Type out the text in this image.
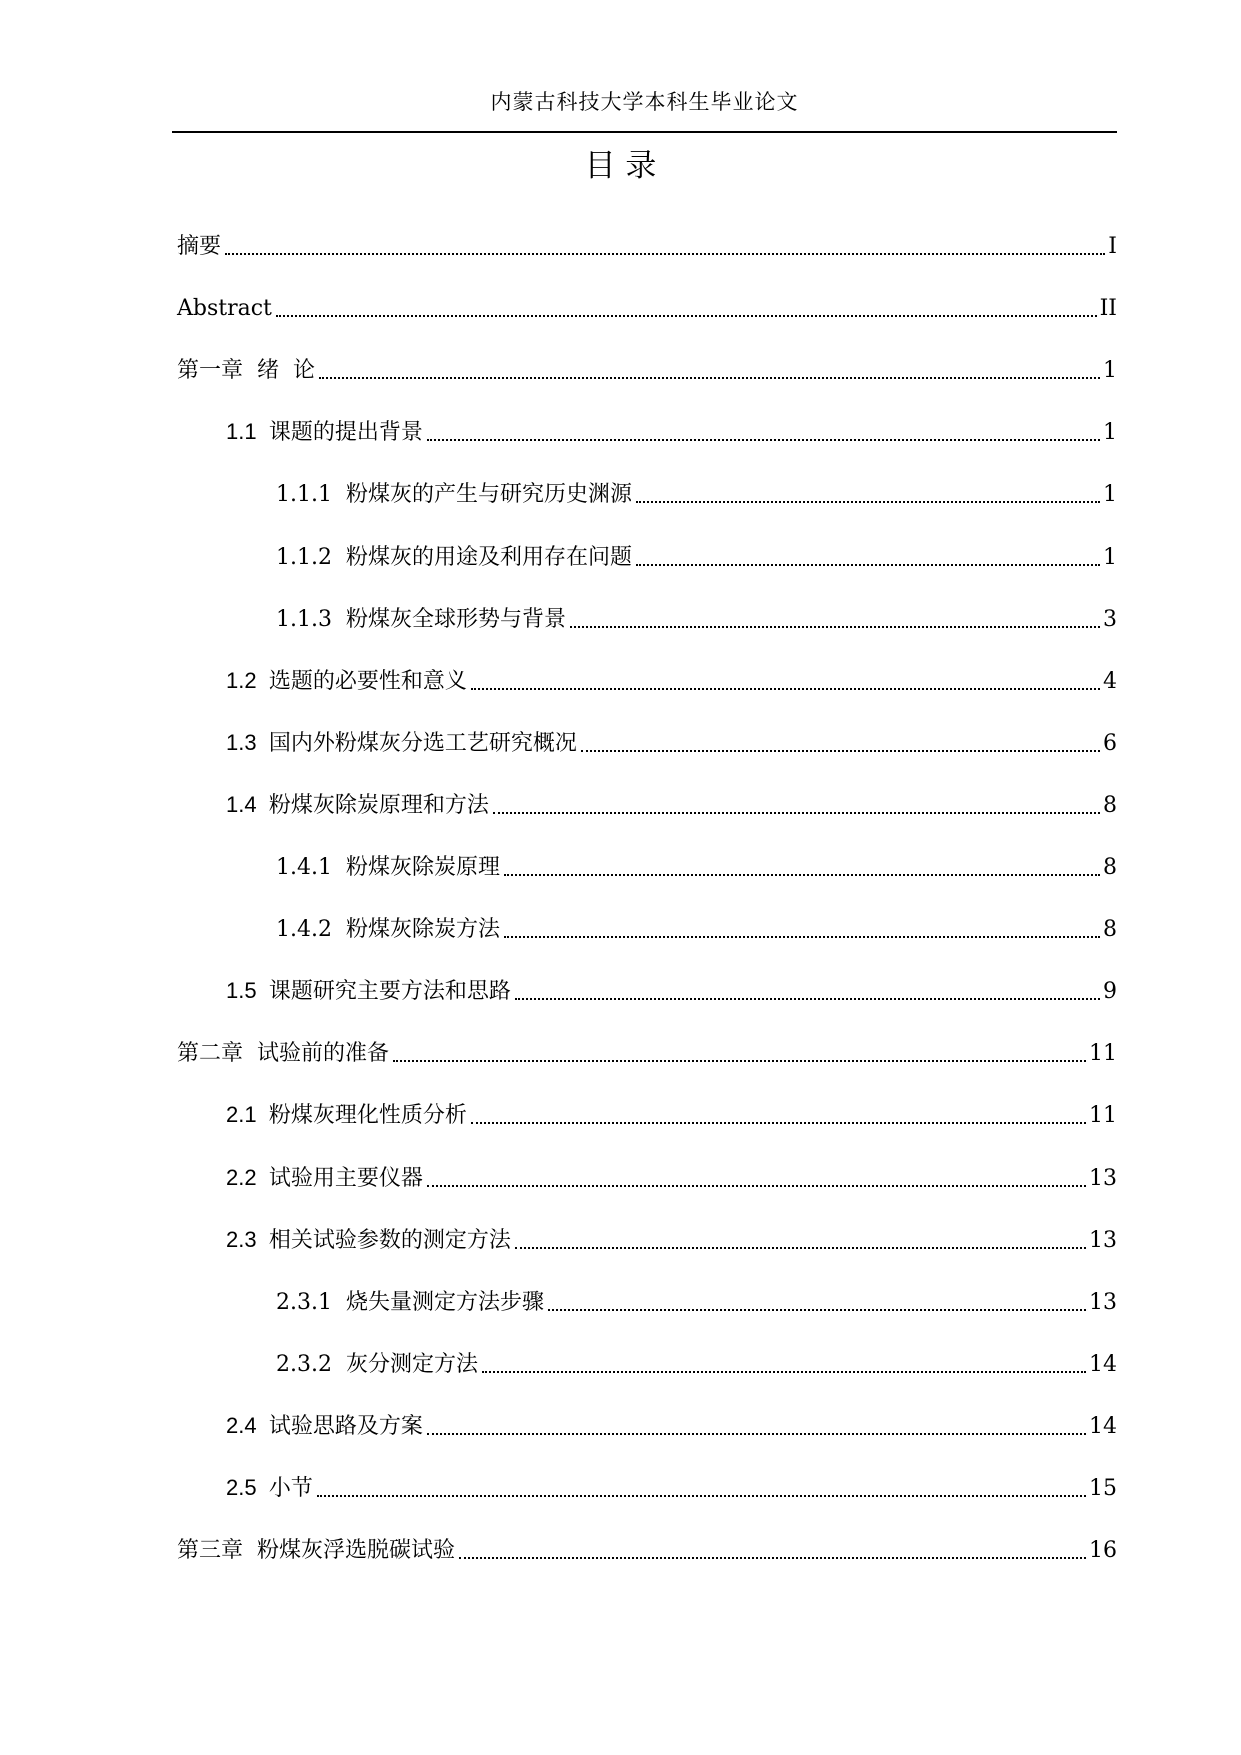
内蒙古科技大学本科生毕业论文
目 录
摘要	I
Abstract	II
第一章  绪  论	1
1.1 课题的提出背景	1
1.1.1 粉煤灰的产生与研究历史渊源	1
1.1.2 粉煤灰的用途及利用存在问题	1
1.1.3 粉煤灰全球形势与背景	3
1.2 选题的必要性和意义	4
1.3 国内外粉煤灰分选工艺研究概况	6
1.4 粉煤灰除炭原理和方法	8
1.4.1 粉煤灰除炭原理	8
1.4.2 粉煤灰除炭方法	8
1.5 课题研究主要方法和思路	9
第二章  试验前的准备	11
2.1 粉煤灰理化性质分析	11
2.2 试验用主要仪器	13
2.3 相关试验参数的测定方法	13
2.3.1 烧失量测定方法步骤	13
2.3.2 灰分测定方法	14
2.4 试验思路及方案	14
2.5 小节	15
第三章  粉煤灰浮选脱碳试验	16
